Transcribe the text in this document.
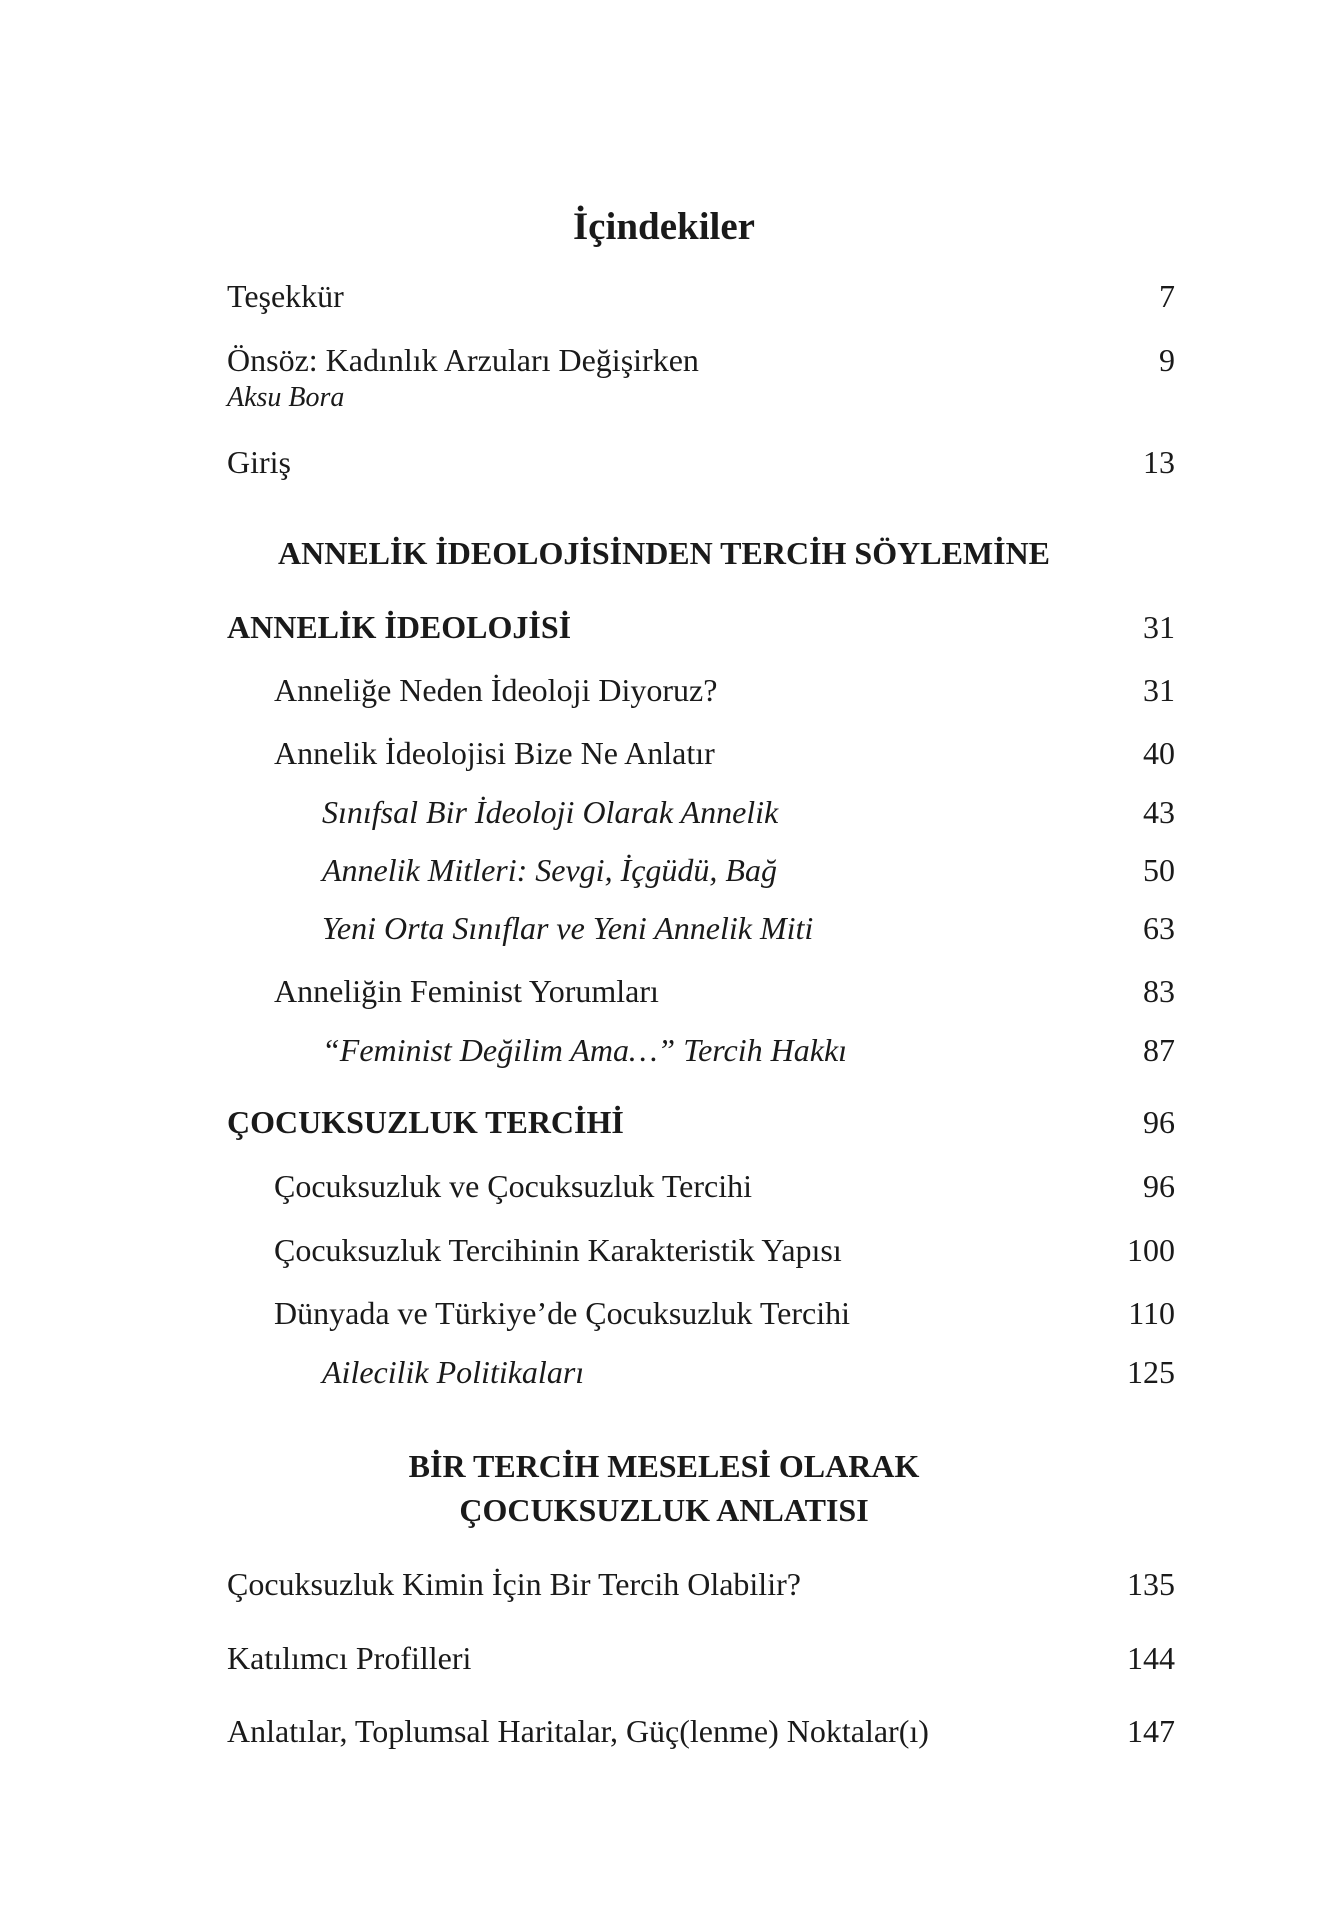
İçindekiler
Teşekkür	7
Önsöz: Kadınlık Arzuları Değişirken	9
Aksu Bora
Giriş	13
ANNELİK İDEOLOJİSİNDEN TERCİH SÖYLEMİNE
ANNELİK İDEOLOJİSİ	31
Anneliğe Neden İdeoloji Diyoruz?	31
Annelik İdeolojisi Bize Ne Anlatır	40
Sınıfsal Bir İdeoloji Olarak Annelik	43
Annelik Mitleri: Sevgi, İçgüdü, Bağ	50
Yeni Orta Sınıflar ve Yeni Annelik Miti	63
Anneliğin Feminist Yorumları	83
“Feminist Değilim Ama…” Tercih Hakkı	87
ÇOCUKSUZLUK TERCİHİ	96
Çocuksuzluk ve Çocuksuzluk Tercihi	96
Çocuksuzluk Tercihinin Karakteristik Yapısı	100
Dünyada ve Türkiye’de Çocuksuzluk Tercihi	110
Ailecilik Politikaları	125
BİR TERCİH MESELESİ OLARAK
ÇOCUKSUZLUK ANLATISI
Çocuksuzluk Kimin İçin Bir Tercih Olabilir?	135
Katılımcı Profilleri	144
Anlatılar, Toplumsal Haritalar, Güç(lenme) Noktalar(ı)	147
